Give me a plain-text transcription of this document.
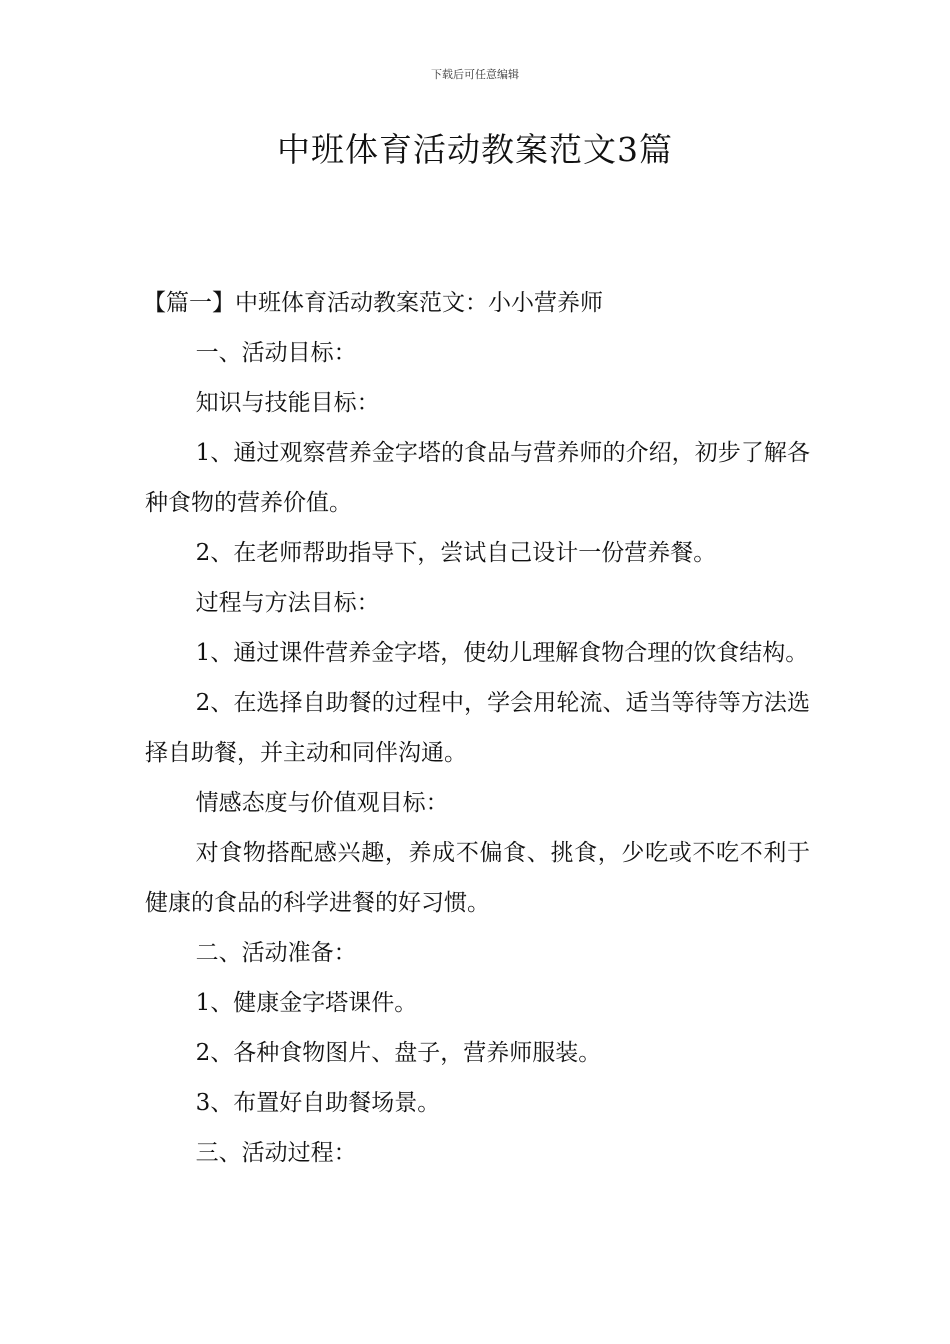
下载后可任意编辑
中班体育活动教案范文3篇

【篇一】中班体育活动教案范文：小小营养师

一、活动目标：

知识与技能目标：

1、通过观察营养金字塔的食品与营养师的介绍，初步了解各种食物的营养价值。

2、在老师帮助指导下，尝试自己设计一份营养餐。

过程与方法目标：

1、通过课件营养金字塔，使幼儿理解食物合理的饮食结构。

2、在选择自助餐的过程中，学会用轮流、适当等待等方法选择自助餐，并主动和同伴沟通。

情感态度与价值观目标：

对食物搭配感兴趣，养成不偏食、挑食，少吃或不吃不利于健康的食品的科学进餐的好习惯。

二、活动准备：

1、健康金字塔课件。

2、各种食物图片、盘子，营养师服装。

3、布置好自助餐场景。

三、活动过程：
